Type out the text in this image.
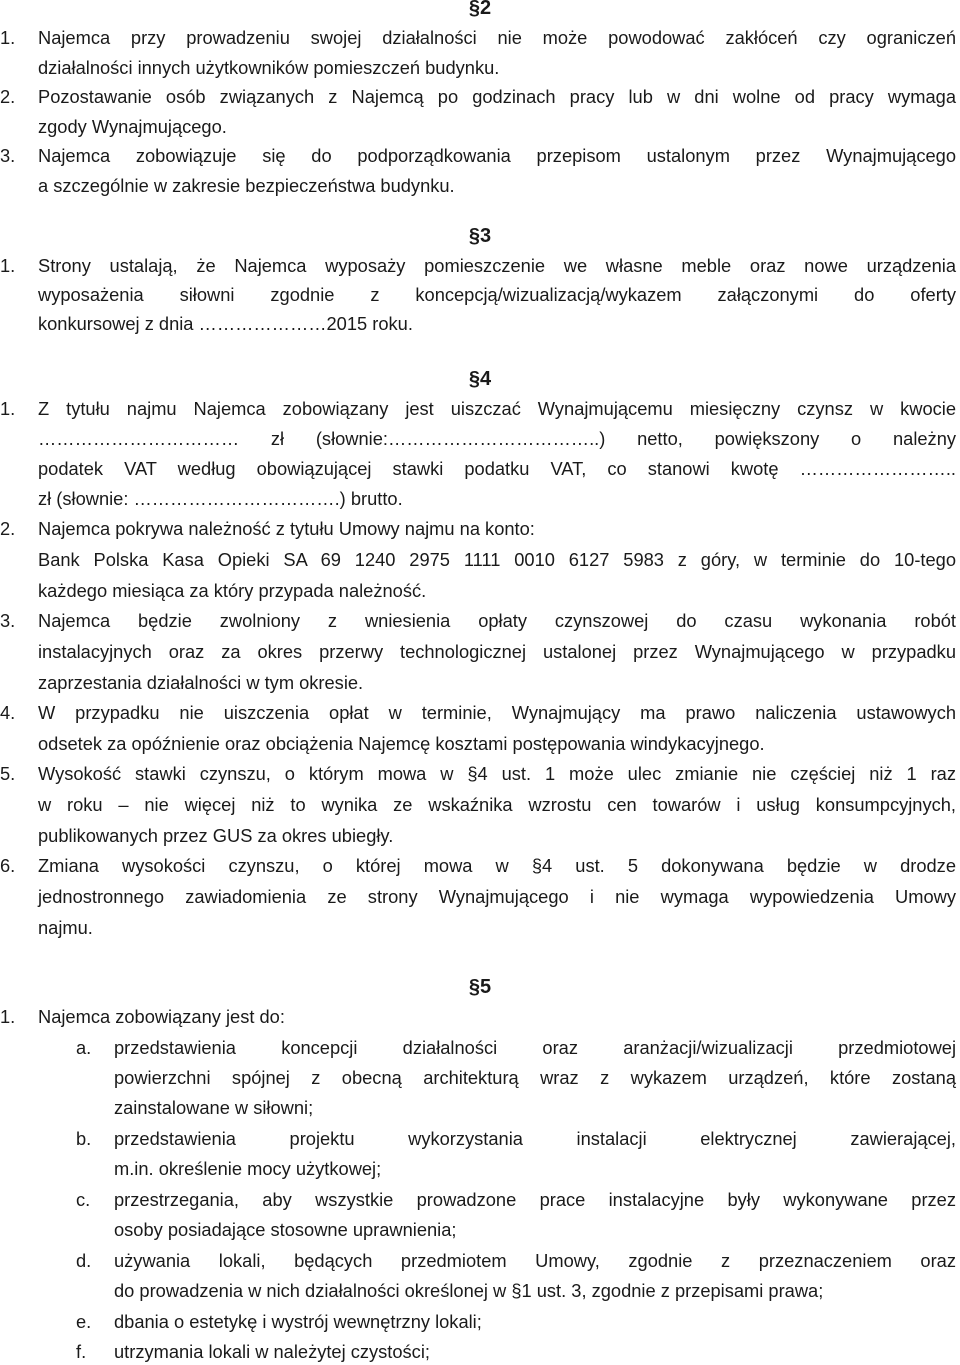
§2
1. Najemca przy prowadzeniu swojej działalności nie może powodować zakłóceń czy ograniczeń
działalności innych użytkowników pomieszczeń budynku.
2. Pozostawanie osób związanych z Najemcą po godzinach pracy lub w dni wolne od pracy wymaga
zgody Wynajmującego.
3. Najemca zobowiązuje się do podporządkowania przepisom ustalonym przez Wynajmującego
a szczególnie w zakresie bezpieczeństwa budynku.
§3
1. Strony ustalają, że Najemca wyposaży pomieszczenie we własne meble oraz nowe urządzenia
wyposażenia siłowni zgodnie z koncepcją/wizualizacją/wykazem załączonymi do oferty
konkursowej z dnia …………………2015 roku.
§4
1. Z tytułu najmu Najemca zobowiązany jest uiszczać Wynajmującemu miesięczny czynsz w kwocie
…………………………… zł (słownie:……………………………..) netto, powiększony o należny
podatek VAT według obowiązującej stawki podatku VAT, co stanowi kwotę ……………………..
zł (słownie: …………………………….) brutto.
2. Najemca pokrywa należność z tytułu Umowy najmu na konto:
Bank Polska Kasa Opieki SA 69 1240 2975 1111 0010 6127 5983 z góry, w terminie do 10-tego
każdego miesiąca za który przypada należność.
3. Najemca będzie zwolniony z wniesienia opłaty czynszowej do czasu wykonania robót
instalacyjnych oraz za okres przerwy technologicznej ustalonej przez Wynajmującego w przypadku
zaprzestania działalności w tym okresie.
4. W przypadku nie uiszczenia opłat w terminie, Wynajmujący ma prawo naliczenia ustawowych
odsetek za opóźnienie oraz obciążenia Najemcę kosztami postępowania windykacyjnego.
5. Wysokość stawki czynszu, o którym mowa w §4 ust. 1 może ulec zmianie nie częściej niż 1 raz
w roku – nie więcej niż to wynika ze wskaźnika wzrostu cen towarów i usług konsumpcyjnych,
publikowanych przez GUS za okres ubiegły.
6. Zmiana wysokości czynszu, o której mowa w §4 ust. 5 dokonywana będzie w drodze
jednostronnego zawiadomienia ze strony Wynajmującego i nie wymaga wypowiedzenia Umowy
najmu.
§5
1. Najemca zobowiązany jest do:
a. przedstawienia koncepcji działalności oraz aranżacji/wizualizacji przedmiotowej
powierzchni spójnej z obecną architekturą wraz z wykazem urządzeń, które zostaną
zainstalowane w siłowni;
b. przedstawienia projektu wykorzystania instalacji elektrycznej zawierającej,
m.in. określenie mocy użytkowej;
c. przestrzegania, aby wszystkie prowadzone prace instalacyjne były wykonywane przez
osoby posiadające stosowne uprawnienia;
d. używania lokali, będących przedmiotem Umowy, zgodnie z przeznaczeniem oraz
do prowadzenia w nich działalności określonej w §1 ust. 3, zgodnie z przepisami prawa;
e. dbania o estetykę i wystrój wewnętrzny lokali;
f. utrzymania lokali w należytej czystości;
